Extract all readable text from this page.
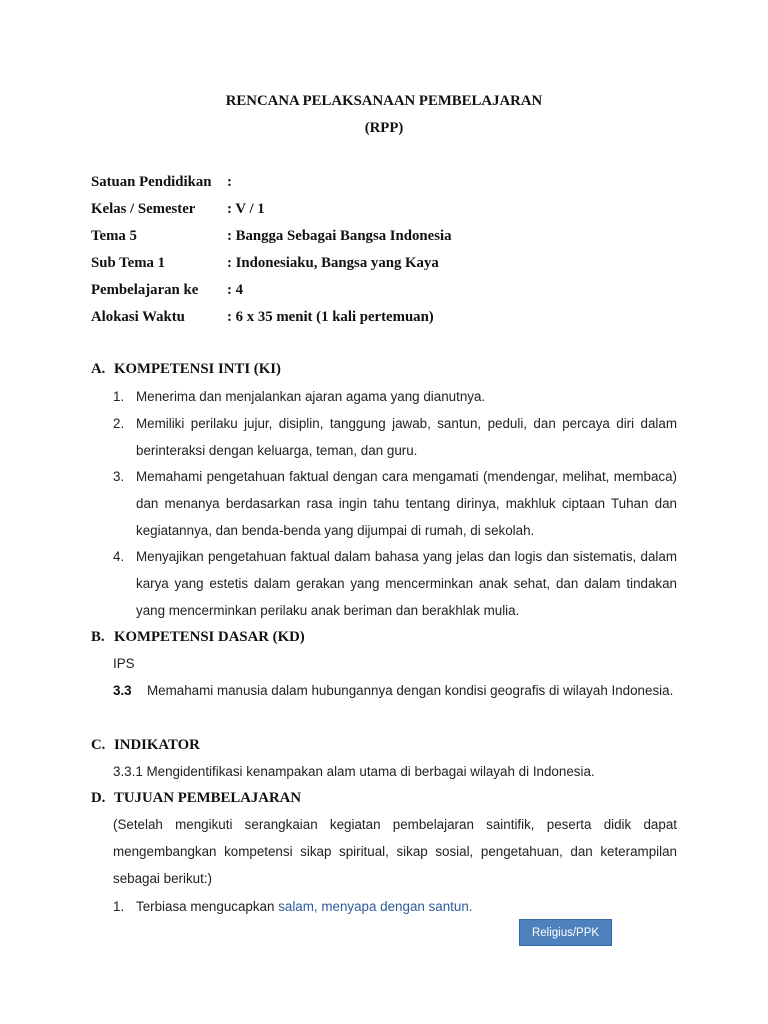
RENCANA PELAKSANAAN PEMBELAJARAN
(RPP)
Satuan Pendidikan :
Kelas / Semester : V / 1
Tema 5	: Bangga Sebagai Bangsa Indonesia
Sub Tema 1	: Indonesiaku, Bangsa yang Kaya
Pembelajaran ke : 4
Alokasi Waktu	: 6 x 35 menit (1 kali pertemuan)
A. KOMPETENSI INTI (KI)
1. Menerima dan menjalankan ajaran agama yang dianutnya.
2. Memiliki perilaku jujur, disiplin, tanggung jawab, santun, peduli, dan percaya diri dalam berinteraksi dengan keluarga, teman, dan guru.
3. Memahami pengetahuan faktual dengan cara mengamati (mendengar, melihat, membaca) dan menanya berdasarkan rasa ingin tahu tentang dirinya, makhluk ciptaan Tuhan dan kegiatannya, dan benda-benda yang dijumpai di rumah, di sekolah.
4. Menyajikan pengetahuan faktual dalam bahasa yang jelas dan logis dan sistematis, dalam karya yang estetis dalam gerakan yang mencerminkan anak sehat, dan dalam tindakan yang mencerminkan perilaku anak beriman dan berakhlak mulia.
B. KOMPETENSI DASAR (KD)
IPS
3.3 Memahami manusia dalam hubungannya dengan kondisi geografis di wilayah Indonesia.
C. INDIKATOR
3.3.1 Mengidentifikasi kenampakan alam utama di berbagai wilayah di Indonesia.
D. TUJUAN PEMBELAJARAN
(Setelah mengikuti serangkaian kegiatan pembelajaran saintifik, peserta didik dapat mengembangkan kompetensi sikap spiritual, sikap sosial, pengetahuan, dan keterampilan sebagai berikut:)
1. Terbiasa mengucapkan salam, menyapa dengan santun.
Religius/PPK
